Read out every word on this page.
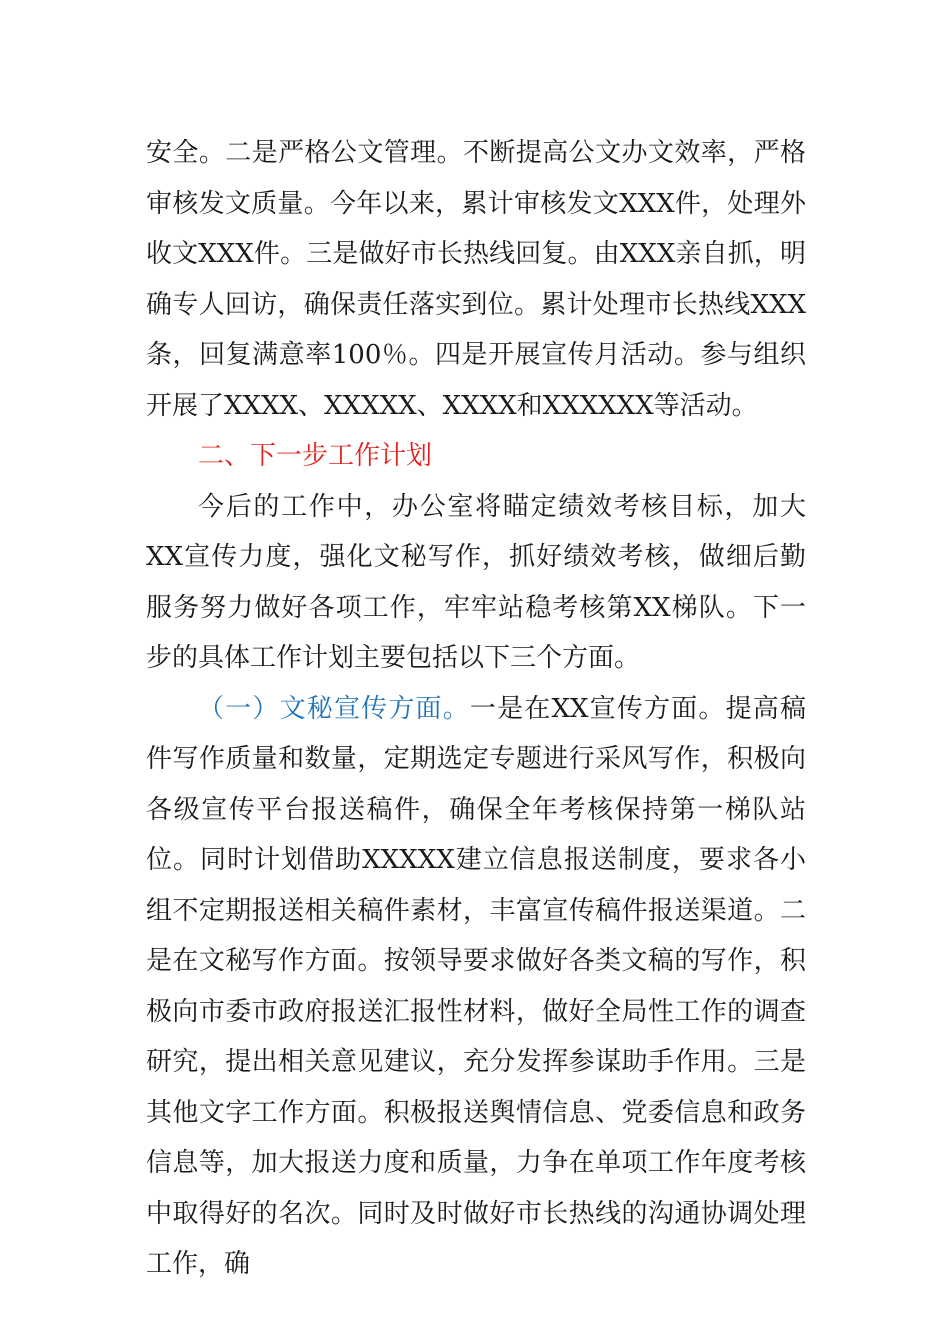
安全。二是严格公文管理。不断提高公文办文效率，严格审核发文质量。今年以来，累计审核发文XXX件，处理外收文XXX件。三是做好市长热线回复。由XXX亲自抓，明确专人回访，确保责任落实到位。累计处理市长热线XXX条，回复满意率100％。四是开展宣传月活动。参与组织开展了XXXX、XXXXX、XXXX和XXXXXX等活动。

二、下一步工作计划

今后的工作中，办公室将瞄定绩效考核目标，加大XX宣传力度，强化文秘写作，抓好绩效考核，做细后勤服务努力做好各项工作，牢牢站稳考核第XX梯队。下一步的具体工作计划主要包括以下三个方面。

（一）文秘宣传方面。一是在XX宣传方面。提高稿件写作质量和数量，定期选定专题进行采风写作，积极向各级宣传平台报送稿件，确保全年考核保持第一梯队站位。同时计划借助XXXXX建立信息报送制度，要求各小组不定期报送相关稿件素材，丰富宣传稿件报送渠道。二是在文秘写作方面。按领导要求做好各类文稿的写作，积极向市委市政府报送汇报性材料，做好全局性工作的调查研究，提出相关意见建议，充分发挥参谋助手作用。三是其他文字工作方面。积极报送舆情信息、党委信息和政务信息等，加大报送力度和质量，力争在单项工作年度考核中取得好的名次。同时及时做好市长热线的沟通协调处理工作，确
